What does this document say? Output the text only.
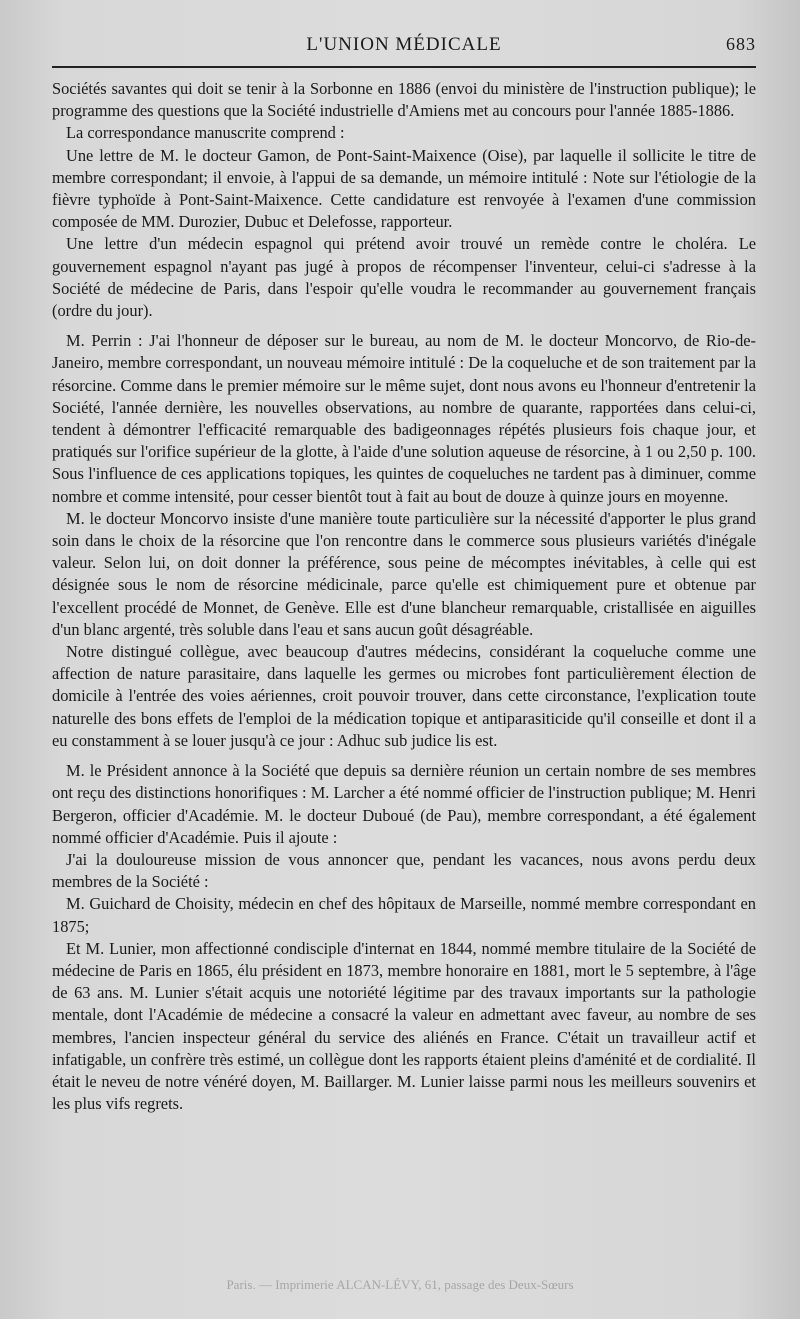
L'UNION MÉDICALE	683

Sociétés savantes qui doit se tenir à la Sorbonne en 1886 (envoi du ministère de l'instruction publique); le programme des questions que la Société industrielle d'Amiens met au concours pour l'année 1885-1886.

La correspondance manuscrite comprend :

Une lettre de M. le docteur Gamon, de Pont-Saint-Maixence (Oise), par laquelle il sollicite le titre de membre correspondant; il envoie, à l'appui de sa demande, un mémoire intitulé : Note sur l'étiologie de la fièvre typhoïde à Pont-Saint-Maixence. Cette candidature est renvoyée à l'examen d'une commission composée de MM. Durozier, Dubuc et Delefosse, rapporteur.

Une lettre d'un médecin espagnol qui prétend avoir trouvé un remède contre le choléra. Le gouvernement espagnol n'ayant pas jugé à propos de récompenser l'inventeur, celui-ci s'adresse à la Société de médecine de Paris, dans l'espoir qu'elle voudra le recommander au gouvernement français (ordre du jour).

M. Perrin : J'ai l'honneur de déposer sur le bureau, au nom de M. le docteur Moncorvo, de Rio-de-Janeiro, membre correspondant, un nouveau mémoire intitulé : De la coqueluche et de son traitement par la résorcine. Comme dans le premier mémoire sur le même sujet, dont nous avons eu l'honneur d'entretenir la Société, l'année dernière, les nouvelles observations, au nombre de quarante, rapportées dans celui-ci, tendent à démontrer l'efficacité remarquable des badigeonnages répétés plusieurs fois chaque jour, et pratiqués sur l'orifice supérieur de la glotte, à l'aide d'une solution aqueuse de résorcine, à 1 ou 2,50 p. 100. Sous l'influence de ces applications topiques, les quintes de coqueluches ne tardent pas à diminuer, comme nombre et comme intensité, pour cesser bientôt tout à fait au bout de douze à quinze jours en moyenne.

M. le docteur Moncorvo insiste d'une manière toute particulière sur la nécessité d'apporter le plus grand soin dans le choix de la résorcine que l'on rencontre dans le commerce sous plusieurs variétés d'inégale valeur. Selon lui, on doit donner la préférence, sous peine de mécomptes inévitables, à celle qui est désignée sous le nom de résorcine médicinale, parce qu'elle est chimiquement pure et obtenue par l'excellent procédé de Monnet, de Genève. Elle est d'une blancheur remarquable, cristallisée en aiguilles d'un blanc argenté, très soluble dans l'eau et sans aucun goût désagréable.

Notre distingué collègue, avec beaucoup d'autres médecins, considérant la coqueluche comme une affection de nature parasitaire, dans laquelle les germes ou microbes font particulièrement élection de domicile à l'entrée des voies aériennes, croit pouvoir trouver, dans cette circonstance, l'explication toute naturelle des bons effets de l'emploi de la médication topique et antiparasiticide qu'il conseille et dont il a eu constamment à se louer jusqu'à ce jour : Adhuc sub judice lis est.

M. le Président annonce à la Société que depuis sa dernière réunion un certain nombre de ses membres ont reçu des distinctions honorifiques : M. Larcher a été nommé officier de l'instruction publique; M. Henri Bergeron, officier d'Académie. M. le docteur Duboué (de Pau), membre correspondant, a été également nommé officier d'Académie. Puis il ajoute :

J'ai la douloureuse mission de vous annoncer que, pendant les vacances, nous avons perdu deux membres de la Société :

M. Guichard de Choisity, médecin en chef des hôpitaux de Marseille, nommé membre correspondant en 1875;

Et M. Lunier, mon affectionné condisciple d'internat en 1844, nommé membre titulaire de la Société de médecine de Paris en 1865, élu président en 1873, membre honoraire en 1881, mort le 5 septembre, à l'âge de 63 ans. M. Lunier s'était acquis une notoriété légitime par des travaux importants sur la pathologie mentale, dont l'Académie de médecine a consacré la valeur en admettant avec faveur, au nombre de ses membres, l'ancien inspecteur général du service des aliénés en France. C'était un travailleur actif et infatigable, un confrère très estimé, un collègue dont les rapports étaient pleins d'aménité et de cordialité. Il était le neveu de notre vénéré doyen, M. Baillarger. M. Lunier laisse parmi nous les meilleurs souvenirs et les plus vifs regrets.

Paris. — Imprimerie ALCAN-LÉVY, 61, passage des Deux-Sœurs
